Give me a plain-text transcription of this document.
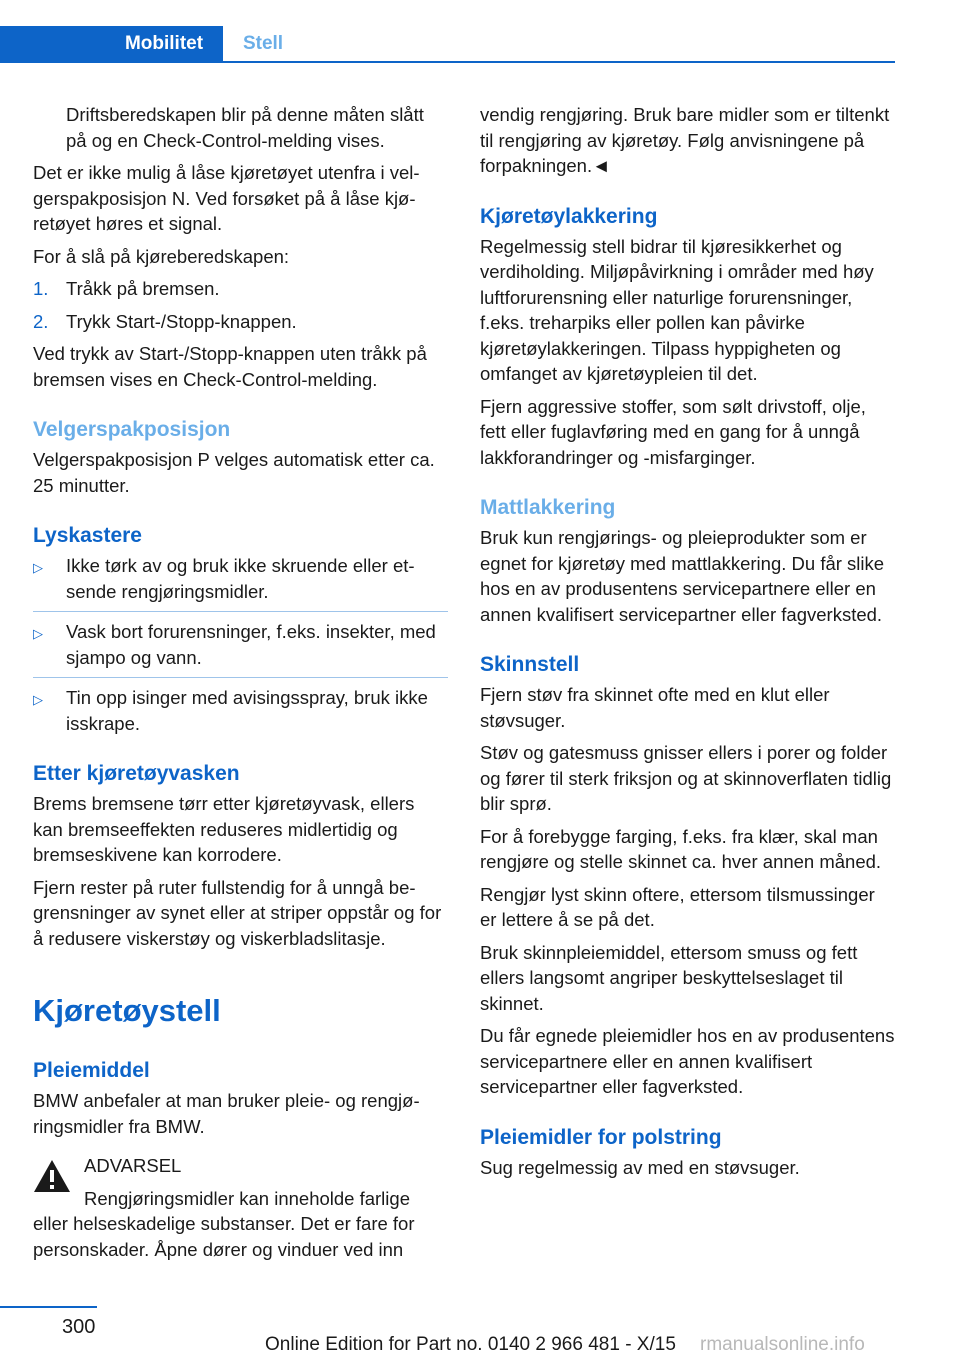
Mobilitet	Stell

Driftsberedskapen blir på denne måten slått på og en Check-Control-melding vises.

Det er ikke mulig å låse kjøretøyet utenfra i velgerspakposisjon N. Ved forsøket på å låse kjøretøyet høres et signal.

For å slå på kjøreberedskapen:

1. Tråkk på bremsen.
2. Trykk Start-/Stopp-knappen.

Ved trykk av Start-/Stopp-knappen uten tråkk på bremsen vises en Check-Control-melding.

Velgerspakposisjon

Velgerspakposisjon P velges automatisk etter ca. 25 minutter.

Lyskastere
▷	Ikke tørk av og bruk ikke skruende eller etsende rengjøringsmidler.
▷	Vask bort forurensninger, f.eks. insekter, med sjampo og vann.
▷	Tin opp isinger med avisingsspray, bruk ikke isskrape.
Etter kjøretøyvasken

Brems bremsene tørr etter kjøretøyvask, ellers kan bremseeffekten reduseres midlertidig og bremseskivene kan korrodere.

Fjern rester på ruter fullstendig for å unngå begrensninger av synet eller at striper oppstår og for å redusere viskerstøy og viskerbladslitasje.

Kjøretøystell
Pleiemiddel

BMW anbefaler at man bruker pleie- og rengjøringsmidler fra BMW.

ADVARSEL

Rengjøringsmidler kan inneholde farlige

eller helseskadelige substanser. Det er fare for personskader. Åpne dører og vinduer ved inn

vendig rengjøring. Bruk bare midler som er tiltenkt til rengjøring av kjøretøy. Følg anvisningene på forpakningen.◄

Kjøretøylakkering

Regelmessig stell bidrar til kjøresikkerhet og verdiholding. Miljøpåvirkning i områder med høy luftforurensning eller naturlige forurensninger, f.eks. treharpiks eller pollen kan påvirke kjøretøylakkeringen. Tilpass hyppigheten og omfanget av kjøretøypleien til det.

Fjern aggressive stoffer, som sølt drivstoff, olje, fett eller fuglavføring med en gang for å unngå lakkforandringer og -misfarginger.

Mattlakkering

Bruk kun rengjørings- og pleieprodukter som er egnet for kjøretøy med mattlakkering. Du får slike hos en av produsentens servicepartnere eller en annen kvalifisert servicepartner eller fagverksted.

Skinnstell

Fjern støv fra skinnet ofte med en klut eller støvsuger.

Støv og gatesmuss gnisser ellers i porer og folder og fører til sterk friksjon og at skinnoverflaten tidlig blir sprø.

For å forebygge farging, f.eks. fra klær, skal man rengjøre og stelle skinnet ca. hver annen måned.

Rengjør lyst skinn oftere, ettersom tilsmussinger er lettere å se på det.

Bruk skinnpleiemiddel, ettersom smuss og fett ellers langsomt angriper beskyttelseslaget til skinnet.

Du får egnede pleiemidler hos en av produsentens servicepartnere eller en annen kvalifisert servicepartner eller fagverksted.

Pleiemidler for polstring

Sug regelmessig av med en støvsuger.

300
Online Edition for Part no. 0140 2 966 481 - X/15 rmanualsonline.info
